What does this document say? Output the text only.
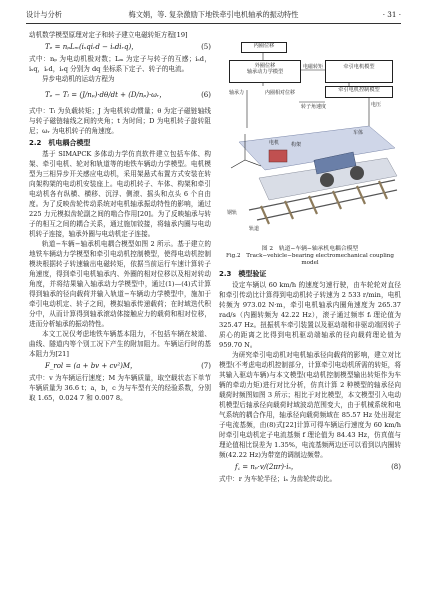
设计与分析	梅文娟，等. 复杂激励下地铁牵引电机轴承的振动特性	· 31 ·

动机数学模型原理对定子和转子建立电磁转矩方程[19]

Tₑ = nₚLₘ(iₛqiᵣd − iₛdiᵣq)，	(5)

式中：nₚ 为电动机极对数；Lₘ 为定子与转子的互感；iₛd，iₛq，iᵣd，iᵣq 分别为 dq 坐标系下定子、转子的电流。

异步电动机的运动方程为

Tₑ − Tₗ = (J/nₚ)·dθ/dt + (D/nₚ)·ωᵣ，	(6)

式中：Tₗ 为负载转矩；J 为电机转动惯量；θ 为定子磁链轴线与转子磁链轴线之间的夹角；t 为时间；D 为电机转子旋转阻尼；ωᵣ 为电机转子的角速度。

2.2　机电耦合模型

基于 SIMAPCK 多体动力学仿真软件建立包括车体、构架、牵引电机、轮对和轨道等的地铁车辆动力学模型。电机模型为三相异步开关感应电动机，采用架悬式布置方式安装在转向架构架的电动机安装座上。电动机转子、车体、构架和牵引电动机各有纵横、横移、沉浮、侧滚、摇头和点头 6 个自由度。为了反映齿轮传动系统对电机轴承振动特性的影响，通过 225 力元模拟齿轮副之间的啮合作用[20]。为了反映轴承与转子的相互之间的耦合关系，通过施加铰接，将轴承内圈与电动机转子连接，轴承外圈与电动机定子连接。

轨道−车辆−轴承机电耦合模型如图 2 所示。基于建立的地铁车辆动力学模型和牵引电动机控制模型，使得电动机控制模块根据转子转速输出电磁转矩，依据当前运行车速计算转子角速度，得到牵引电机轴承内、外圈的相对位移以及相对转动角度，并将结果输入轴承动力学模型中，通过(1)—(4)式计算得到轴承的径向载荷并输入轨道−车辆动力学模型中，施加于牵引电动机定、转子之间，模拟轴承传递载荷；在时域迭代积分中，从而计算得到轴承滚动体接触应力的载荷和相对位移，进而分析轴承的振动特性。

本文工况仅考虑地铁车辆基本阻力，不包括车辆在坡道、曲线、隧道内等个别工况下产生的附加阻力。车辆运行时的基本阻力为[21]

F_rol = (a + bv + cv²)M，	(7)

式中：v 为车辆运行速度；M 为车辆质量，取空载状态下单节车辆质量为 36.6 t；a，b，c 为与车型有关的经验系数，分别取 1.65，0.024 7 和 0.007 8。

内圈位移
外圈位移
轴承动力学模型
牵引电机模型
牵引电机控制模型
轴承力	内圈相对位移
转子角速度	电压
电磁转矩
构架
电机
车体
钢轨
轨道
图 2　轨道−车辆−轴承机电耦合模型
Fig.2　Track−vehicle−bearing electromechanical coupling model
2.3　模型验证

设定车辆以 60 km/h 的速度匀速行驶，由车轮轮对直径和牵引传动比计算得到电动机转子转速为 2 533 r/min，电机转频为 973.02 N·m，牵引电机轴承内圈角速度为 265.37 rad/s（内圈转频为 42.22 Hz），滚子通过频率 fᵢ 理论值为 325.47 Hz。扭振机车牵引装置以及驱动端和非驱动端因转子质心的距离之比得到电机驱动端轴承的径向载荷理论值为 959.70 N。

为研究牵引电动机对电机轴承径向载荷的影响，建立对比模型(不考虑电动机控制部分，计算牵引电动机所需的转矩，将其输入驱动车辆)与本文模型(电动机控制模型输出转矩作为车辆的牵动力矩)进行对比分析，仿真计算 2 种模型的轴承径向载荷时频图如图 3 所示；相比于对比模型，本文模型引入电动机模型后轴承径向载荷时域波动范围变大，由于机械系统和电气系统的耦合作用，轴承径向载荷频域在 85.57 Hz 处出现定子电流基频，由(8)式[22]计算可得车辆运行速度为 60 km/h 时牵引电动机定子电流基频 f 理论值为 84.43 Hz，仿真值与理论值相比误差为 1.35%，电流基频两边还可以看到以内圈转频(42.22 Hz)为带宽的调制边频带。

f꜀ = nₚ·v/(2πr)·iₛ，	(8)

式中：r 为车轮半径；iₛ 为齿轮传动比。
